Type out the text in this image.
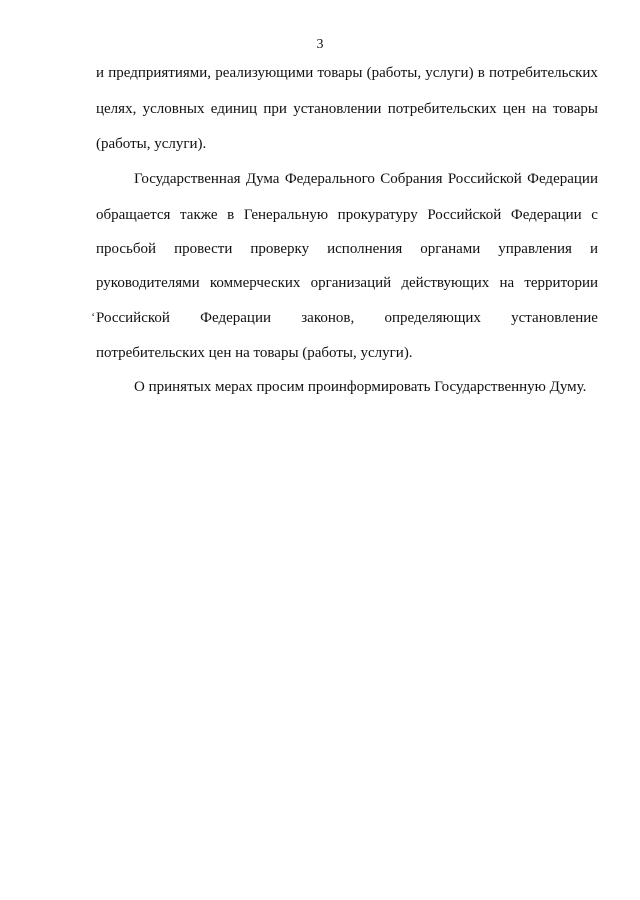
3
‘
и предприятиями, реализующими товары (работы, услуги) в потребительских
целях, условных единиц при установлении потребительских цен на товары
(работы, услуги).
Государственная Дума Федерального Собрания Российской Федерации
обращается также в Генеральную прокуратуру Российской Федерации с
просьбой провести проверку исполнения органами управления и
руководителями коммерческих организаций действующих на территории
Российской Федерации законов, определяющих установление
потребительских цен на товары (работы, услуги).
О принятых мерах просим проинформировать Государственную Думу.
